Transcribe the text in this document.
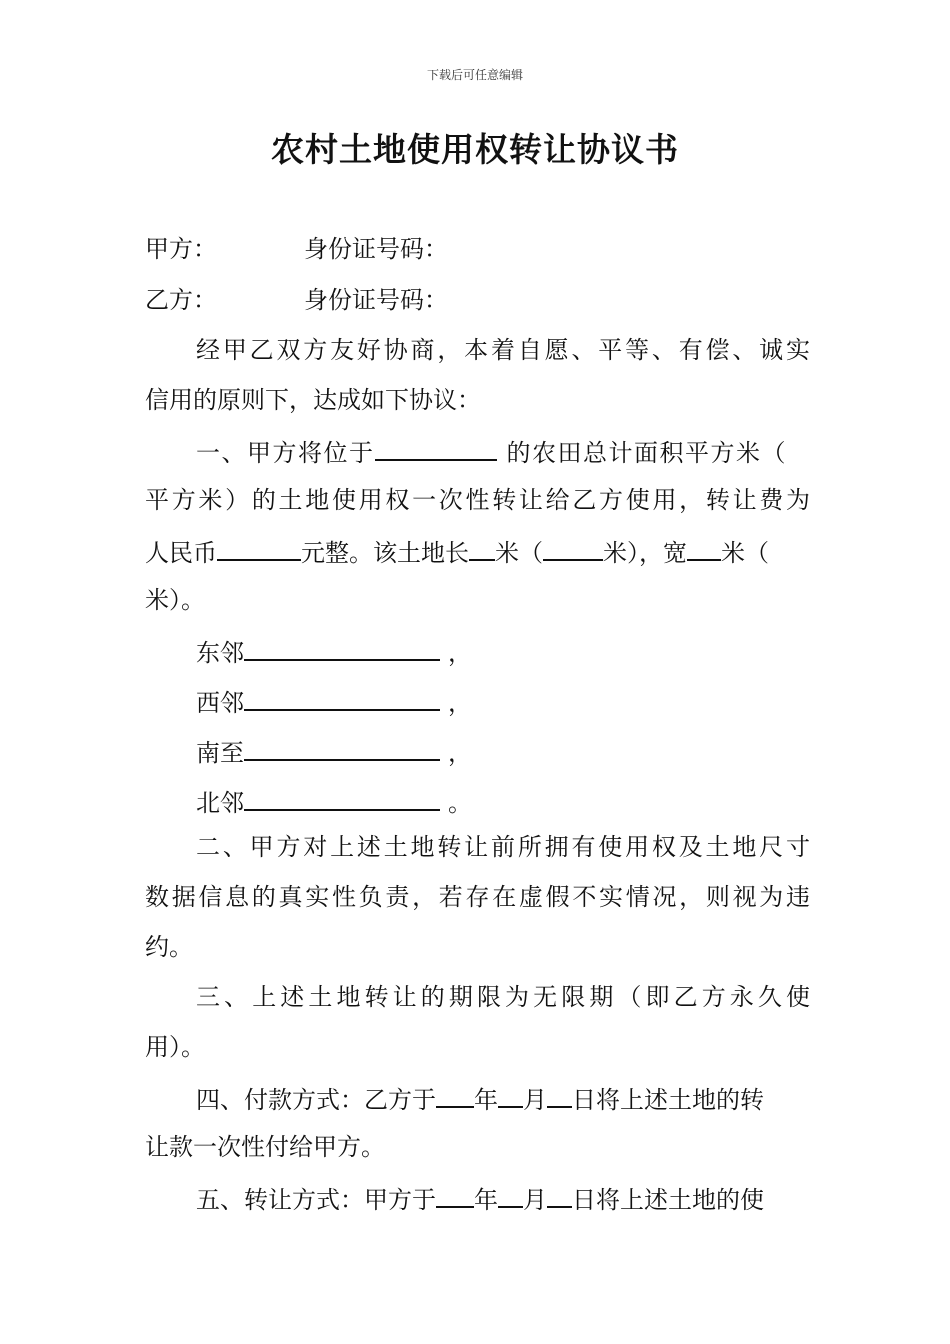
下载后可任意编辑
农村土地使用权转让协议书
甲方：	身份证号码：
乙方：	身份证号码：
经甲乙双方友好协商，本着自愿、平等、有偿、诚实
信用的原则下，达成如下协议：
一、甲方将位于	的农田总计面积平方米（
平方米）的土地使用权一次性转让给乙方使用，转让费为
人民币	元整。该土地长 米（	米），宽 米（
米）。
东邻	，
西邻	，
南至	，
北邻	。
二、甲方对上述土地转让前所拥有使用权及土地尺寸
数据信息的真实性负责，若存在虚假不实情况，则视为违
约。
三、上述土地转让的期限为无限期（即乙方永久使
用）。
四、付款方式：乙方于 年 月 日将上述土地的转
让款一次性付给甲方。
五、转让方式：甲方于 年 月 日将上述土地的使
